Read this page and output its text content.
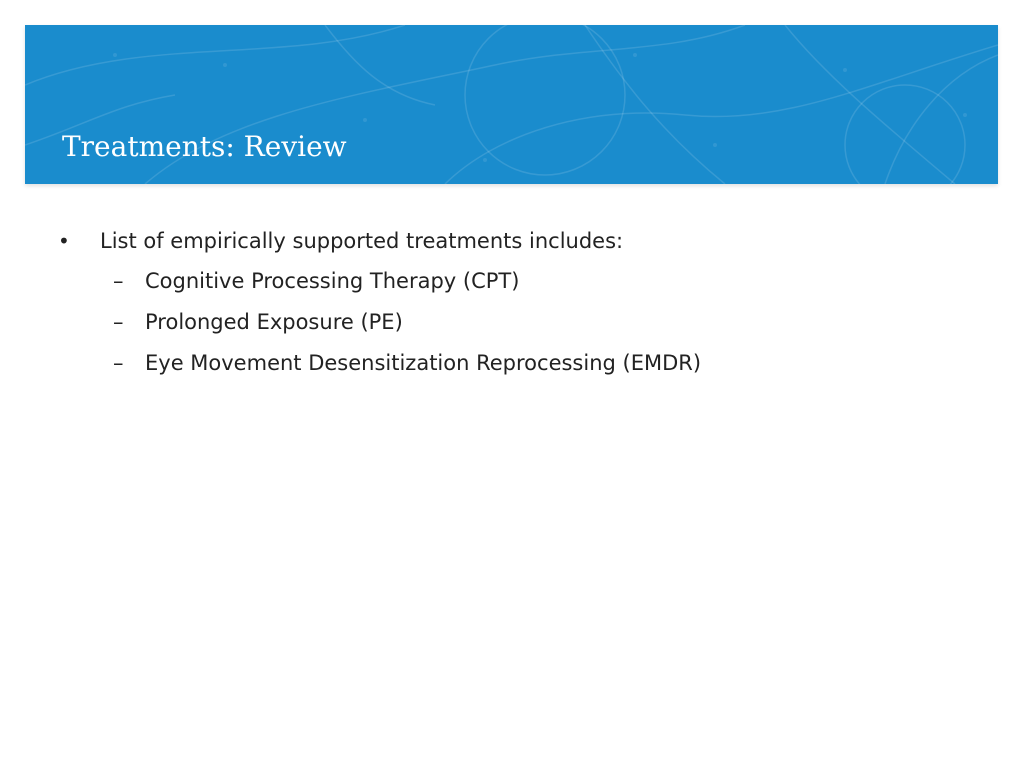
Treatments: Review
•	List of empirically supported treatments includes:
– Cognitive Processing Therapy (CPT)
– Prolonged Exposure (PE)
– Eye Movement Desensitization Reprocessing (EMDR)
